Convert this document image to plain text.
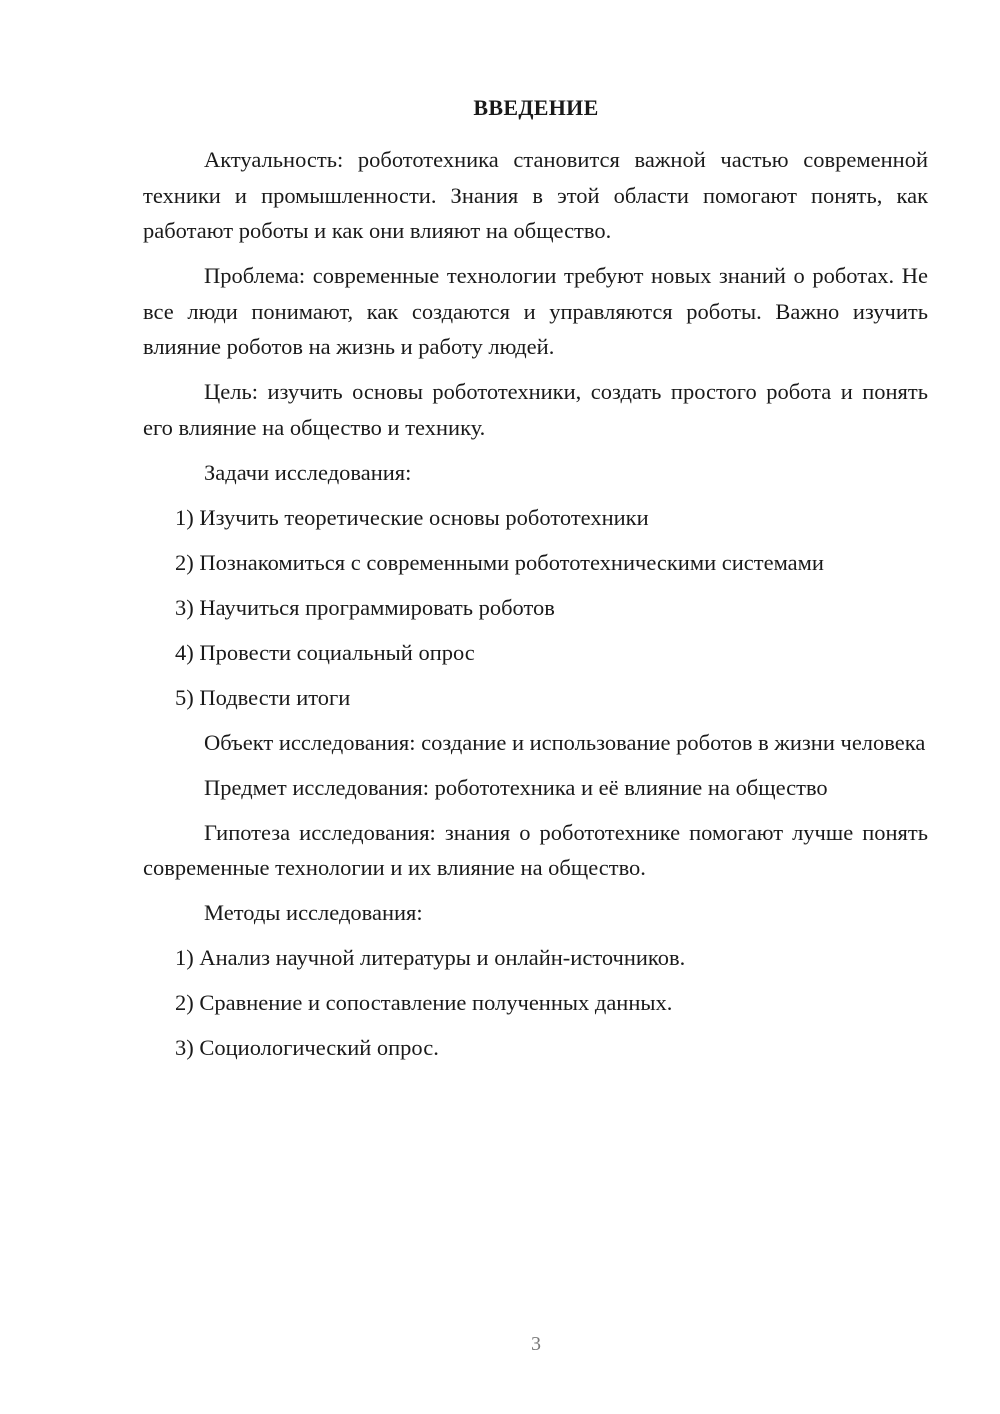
ВВЕДЕНИЕ

Актуальность: робототехника становится важной частью современной техники и промышленности. Знания в этой области помогают понять, как работают роботы и как они влияют на общество.

Проблема: современные технологии требуют новых знаний о роботах. Не все люди понимают, как создаются и управляются роботы. Важно изучить влияние роботов на жизнь и работу людей.

Цель: изучить основы робототехники, создать простого робота и понять его влияние на общество и технику.

Задачи исследования:

1) Изучить теоретические основы робототехники

2) Познакомиться с современными робототехническими системами

3) Научиться программировать роботов

4) Провести социальный опрос

5) Подвести итоги

Объект исследования: создание и использование роботов в жизни человека

Предмет исследования: робототехника и её влияние на общество

Гипотеза исследования: знания о робототехнике помогают лучше понять современные технологии и их влияние на общество.

Методы исследования:

1) Анализ научной литературы и онлайн-источников.

2) Сравнение и сопоставление полученных данных.

3) Социологический опрос.

3
